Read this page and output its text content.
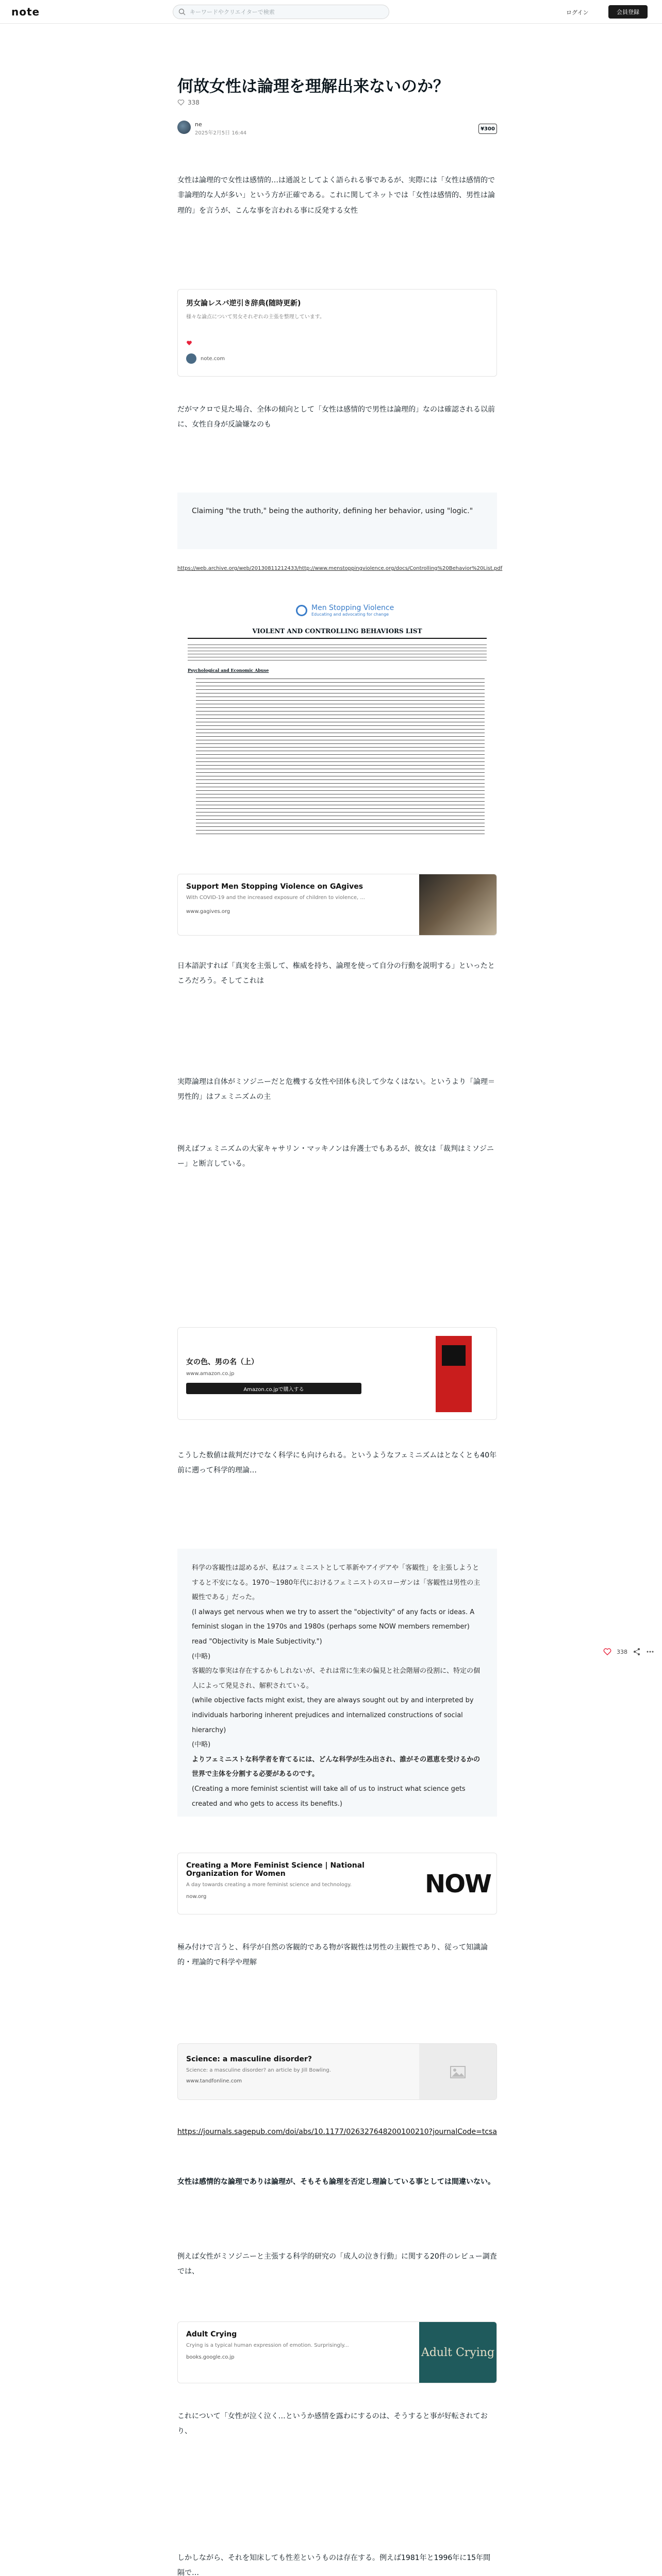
note	キーワードやクリエイターで検索	ログイン	会員登録
何故女性は論理を理解出来ないのか？
338
ne
2025年2月5日 16:44
¥300
女性は論理的で女性は感情的…は通説としてよく語られる事であるが、実際には「女性は感情的で非論理的な人が多い」という方が正確である。これに関してネットでは「女性は感情的、男性は論理的」を言うが、こんな事を言われる事に反発する女性
男女論レスバ逆引き辞典(随時更新)
様々な論点について男女それぞれの主張を整理しています。
note.com
だがマクロで見た場合、全体の傾向として「女性は感情的で男性は論理的」なのは確認される以前に、女性自身が反論嫌なのも
Claiming "the truth," being the authority, deﬁning her behavior, using "logic."
https://web.archive.org/web/20130811212433/http://www.menstoppingviolence.org/docs/Controlling%20Behavior%20List.pdf
Men Stopping Violence
Educating and advocating for change
VIOLENT AND CONTROLLING BEHAVIORS LIST
Psychological and Economic Abuse
Support Men Stopping Violence on GAgives
With COVID-19 and the increased exposure of children to violence, ...
www.gagives.org
日本語訳すれば「真実を主張して、権威を持ち、論理を使って自分の行動を説明する」といったところだろう。そしてこれは
実際論理は自体がミソジニーだと危機する女性や団体も決して少なくはない。というより「論理＝男性的」はフェミニズムの主
例えばフェミニズムの大家キャサリン・マッキノンは弁護士でもあるが、彼女は「裁判はミソジニー」と断言している。
女の色、男の名（上）
www.amazon.co.jp
Amazon.co.jpで購入する
こうした数値は裁判だけでなく科学にも向けられる。というようなフェミニズムはとなくとも40年前に遡って科学的理論…
科学の客観性は認めるが、私はフェミニストとして革新やアイデアや「客観性」を主張しようとすると不安になる。1970〜1980年代におけるフェミニストのスローガンは「客観性は男性の主観性である」だった。
(I always get nervous when we try to assert the "objectivity" of any facts or ideas. A feminist slogan in the 1970s and 1980s (perhaps some NOW members remember) read "Objectivity is Male Subjectivity.")
(中略)
客観的な事実は存在するかもしれないが、それは常に生来の偏見と社会階層の役割に、特定の個人によって発見され、解釈されている。
(while objective facts might exist, they are always sought out by and interpreted by individuals harboring inherent prejudices and internalized constructions of social hierarchy)
(中略)
よりフェミニストな科学者を育てるには、どんな科学が生み出され、誰がその恩恵を受けるかの世界で主体を分割する必要があるのです。
(Creating a more feminist scientist will take all of us to instruct what science gets created and who gets to access its benefits.)
Creating a More Feminist Science | National Organization for Women
A day towards creating a more feminist science and technology.
now.org	NOW
極み付けで言うと、科学が自然の客観的である物が客観性は男性の主観性であり、従って知識論的・理論的で科学や理解
Science: a masculine disorder?
Science: a masculine disorder? an article by Jill Bowling.
www.tandfonline.com
https://journals.sagepub.com/doi/abs/10.1177/026327648200100210?journalCode=tcsa
女性は感情的な論理でありは論理が、そもそも論理を否定し理論している事としては間違いない。
例えば女性がミソジニーと主張する科学的研究の「成人の泣き行動」に関する20件のレビュー調査では、
Adult Crying
Crying is a typical human expression of emotion. Surprisingly...
books.google.co.jp	Adult Crying
これについて「女性が泣く泣く…というか感情を露わにするのは、そうすると事が好転されており、
しかしながら、それを知床しても性差というものは存在する。例えば1981年と1996年に15年間隔で…
338
